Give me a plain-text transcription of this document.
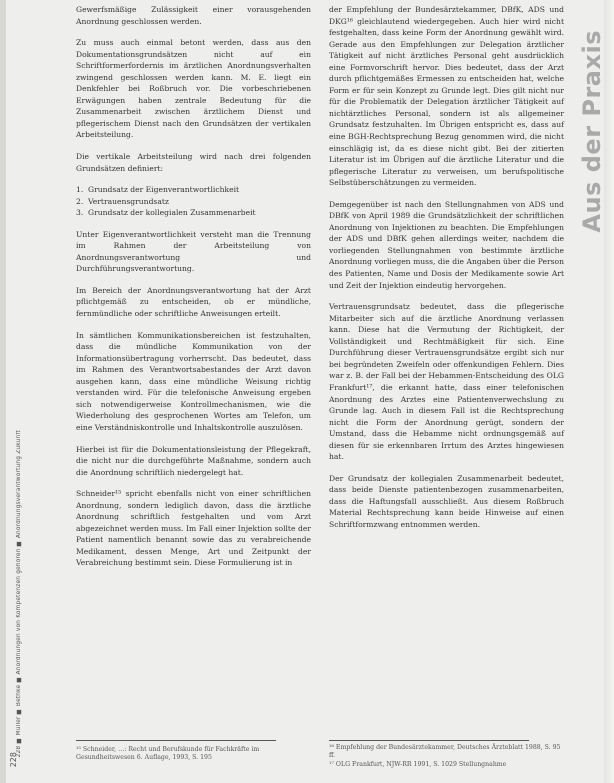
Aus der Praxis
228 ■ Müller ■ Bethke ■ Anordnungen von Kompetenzen gehören ■ Anordnungsverantwortung Zukunft
228

Gewerfsmäßige Zulässigkeit einer vorausgehenden Anordnung geschlossen werden.

Zu muss auch einmal betont werden, dass aus den Dokumentationsgrundsätzen nicht auf ein Schriftformerfordernis im ärztlichen Anordnungsverhalten zwingend geschlossen werden kann. M. E. liegt ein Denkfehler bei Roßbruch vor. Die vorbeschriebenen Erwägungen haben zentrale Bedeutung für die Zusammenarbeit zwischen ärztlichem Dienst und pflegerischem Dienst nach den Grundsätzen der vertikalen Arbeitsteilung.

Die vertikale Arbeitsteilung wird nach drei folgenden Grundsätzen definiert:

1. Grundsatz der Eigenverantwortlichkeit
2. Vertrauensgrundsatz
3. Grundsatz der kollegialen Zusammenarbeit

Unter Eigenverantwortlichkeit versteht man die Trennung im Rahmen der Arbeitsteilung von Anordnungsverantwortung und Durchführungsverantwortung.

Im Bereich der Anordnungsverantwortung hat der Arzt pflichtgemäß zu entscheiden, ob er mündliche, fernmündliche oder schriftliche Anweisungen erteilt.

In sämtlichen Kommunikationsbereichen ist festzuhalten, dass die mündliche Kommunikation von der Informationsübertragung vorherrscht. Das bedeutet, dass im Rahmen des Verantwortsabestandes der Arzt davon ausgehen kann, dass eine mündliche Weisung richtig verstanden wird. Für die telefonische Anweisung ergeben sich notwendigerweise Kontrollmechanismen, wie die Wiederholung des gesprochenen Wortes am Telefon, um eine Verständniskontrolle und Inhaltskontrolle auszulösen.

Hierbei ist für die Dokumentationsleistung der Pflegekraft, die nicht nur die durchgeführte Maßnahme, sondern auch die Anordnung schriftlich niedergelegt hat.

Schneider¹⁵ spricht ebenfalls nicht von einer schriftlichen Anordnung, sondern lediglich davon, dass die ärztliche Anordnung schriftlich festgehalten und vom Arzt abgezeichnet werden muss. Im Fall einer Injektion sollte der Patient namentlich benannt sowie das zu verabreichende Medikament, dessen Menge, Art und Zeitpunkt der Verabreichung bestimmt sein. Diese Formulierung ist in

der Empfehlung der Bundesärztekammer, DBfK, ADS und DKG¹⁶ gleichlautend wiedergegeben. Auch hier wird nicht festgehalten, dass keine Form der Anordnung gewählt wird. Gerade aus den Empfehlungen zur Delegation ärztlicher Tätigkeit auf nicht ärztliches Personal geht ausdrücklich eine Formvorschrift hervor. Dies bedeutet, dass der Arzt durch pflichtgemäßes Ermessen zu entscheiden hat, welche Form er für sein Konzept zu Grunde legt. Dies gilt nicht nur für die Problematik der Delegation ärztlicher Tätigkeit auf nichtärztliches Personal, sondern ist als allgemeiner Grundsatz festzuhalten. Im Übrigen entspricht es, dass auf eine BGH-Rechtsprechung Bezug genommen wird, die nicht einschlägig ist, da es diese nicht gibt. Bei der zitierten Literatur ist im Übrigen auf die ärztliche Literatur und die pflegerische Literatur zu verweisen, um berufspolitische Selbstüberschätzungen zu vermeiden.

Demgegenüber ist nach den Stellungnahmen von ADS und DBfK von April 1989 die Grundsätzlichkeit der schriftlichen Anordnung von Injektionen zu beachten. Die Empfehlungen der ADS und DBfK gehen allerdings weiter, nachdem die vorliegenden Stellungnahmen von bestimmte ärztliche Anordnung vorliegen muss, die die Angaben über die Person des Patienten, Name und Dosis der Medikamente sowie Art und Zeit der Injektion eindeutig hervorgehen.

Vertrauensgrundsatz bedeutet, dass die pflegerische Mitarbeiter sich auf die ärztliche Anordnung verlassen kann. Diese hat die Vermutung der Richtigkeit, der Vollständigkeit und Rechtmäßigkeit für sich. Eine Durchführung dieser Vertrauensgrundsätze ergibt sich nur bei begründeten Zweifeln oder offenkundigen Fehlern. Dies war z. B. der Fall bei der Hebammen-Entscheidung des OLG Frankfurt¹⁷, die erkannt hatte, dass einer telefonischen Anordnung des Arztes eine Patientenverwechslung zu Grunde lag. Auch in diesem Fall ist die Rechtsprechung nicht die Form der Anordnung gerügt, sondern der Umstand, dass die Hebamme nicht ordnungsgemäß auf diesen für sie erkennbaren Irrtum des Arztes hingewiesen hat.

Der Grundsatz der kollegialen Zusammenarbeit bedeutet, dass beide Dienste patientenbezogen zusammenarbeiten, dass die Haftungsfall ausschließt. Aus diesem Roßbruch Material Rechtsprechung kann beide Hinweise auf einen Schriftformzwang entnommen werden.

¹⁵ Schneider, …: Recht und Berufskunde für Fachkräfte im Gesundheitswesen 6. Auflage, 1993, S. 195
¹⁶ Empfehlung der Bundesärztekammer, Deutsches Ärzteblatt 1988, S. 95 ff.
¹⁷ OLG Frankfurt, NJW-RR 1991, S. 1029 Stellungnahme
